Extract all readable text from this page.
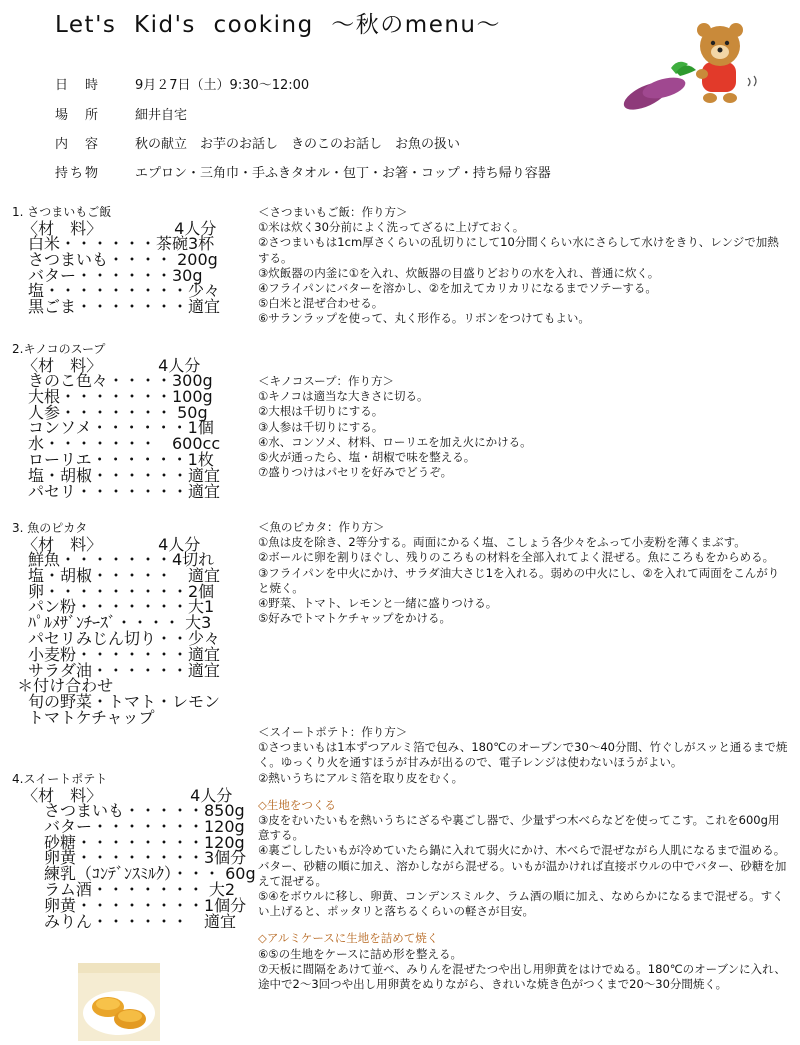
Let's  Kid's  cooking  〜秋のmenu〜
日　時	9月２7日（土）9:30〜12:00
場　所	細井自宅
内　容	秋の献立　お芋のお話し　きのこのお話し　お魚の扱い
持ち物	エプロン・三角巾・手ふきタオル・包丁・お箸・コップ・持ち帰り容器
1. さつまいもご飯
〈材　料〉　　　　　4人分
　白米・・・・・・茶碗3杯
　さつまいも・・・・ 200g
　バター・・・・・・30g
　塩・・・・・・・・・少々
　黒ごま・・・・・・・適宜
2.キノコのスープ
〈材　料〉　　　　4人分
　きのこ色々・・・・300g
　大根・・・・・・・100g
　人参・・・・・・・ 50g
　コンソメ・・・・・・1個
　水・・・・・・・　600cc
　ローリエ・・・・・・1枚
　塩・胡椒・・・・・・適宜
　パセリ・・・・・・・適宜
3. 魚のピカタ
〈材　料〉　　　　4人分
　鮮魚・・・・・・・4切れ
　塩・胡椒・・・・・　適宜
　卵・・・・・・・・・2個
　パン粉・・・・・・・大1
　ﾊﾟﾙﾒｻﾞﾝﾁｰｽﾞ・・・・ 大3
　パセリみじん切り・・少々
　小麦粉・・・・・・・適宜
　サラダ油・・・・・・適宜
＊付け合わせ
　旬の野菜・トマト・レモン
　トマトケチャップ
4.スイートポテト
〈材　料〉　　　　　　4人分
　　さつまいも・・・・・850g
　　バター・・・・・・・120g
　　砂糖・・・・・・・・120g
　　卵黄・・・・・・・・3個分
　　練乳（ｺﾝﾃﾞﾝｽﾐﾙｸ）・・・ 60g
　　ラム酒・・・・・・・ 大2
　　卵黄・・・・・・・・1個分
　　みりん・・・・・・　適宜
＜さつまいもご飯：作り方＞
①米は炊く30分前によく洗ってざるに上げておく。
②さつまいもは1cm厚さくらいの乱切りにして10分間くらい水にさらして水けをきり、レンジで加熱する。
③炊飯器の内釜に①を入れ、炊飯器の目盛りどおりの水を入れ、普通に炊く。
④フライパンにバターを溶かし、②を加えてカリカリになるまでソテーする。
⑤白米と混ぜ合わせる。
⑥サランラップを使って、丸く形作る。リボンをつけてもよい。
＜キノコスープ：作り方＞
①キノコは適当な大きさに切る。
②大根は千切りにする。
③人参は千切りにする。
④水、コンソメ、材料、ローリエを加え火にかける。
⑤火が通ったら、塩・胡椒で味を整える。
⑦盛りつけはパセリを好みでどうぞ。
＜魚のピカタ：作り方＞
①魚は皮を除き、2等分する。両面にかるく塩、こしょう各少々をふって小麦粉を薄くまぶす。
②ボールに卵を割りほぐし、残りのころもの材料を全部入れてよく混ぜる。魚にころもをからめる。
③フライパンを中火にかけ、サラダ油大さじ1を入れる。弱めの中火にし、②を入れて両面をこんがりと焼く。
④野菜、トマト、レモンと一緒に盛りつける。
⑤好みでトマトケチャップをかける。
＜スイートポテト：作り方＞
①さつまいもは1本ずつアルミ箔で包み、180℃のオーブンで30〜40分間、竹ぐしがスッと通るまで焼く。ゆっくり火を通すほうが甘みが出るので、電子レンジは使わないほうがよい。
②熱いうちにアルミ箔を取り皮をむく。
◇生地をつくる
③皮をむいたいもを熱いうちにざるや裏ごし器で、少量ずつ木べらなどを使ってこす。これを600g用意する。
④裏ごししたいもが冷めていたら鍋に入れて弱火にかけ、木べらで混ぜながら人肌になるまで温める。バター、砂糖の順に加え、溶かしながら混ぜる。いもが温かければ直接ボウルの中でバター、砂糖を加えて混ぜる。
⑤④をボウルに移し、卵黄、コンデンスミルク、ラム酒の順に加え、なめらかになるまで混ぜる。すくい上げると、ポッタリと落ちるくらいの軽さが目安。
◇アルミケースに生地を詰めて焼く
⑥⑤の生地をケースに詰め形を整える。
⑦天板に間隔をあけて並べ、みりんを混ぜたつや出し用卵黄をはけでぬる。180℃のオーブンに入れ、途中で2〜3回つや出し用卵黄をぬりながら、きれいな焼き色がつくまで20〜30分間焼く。
